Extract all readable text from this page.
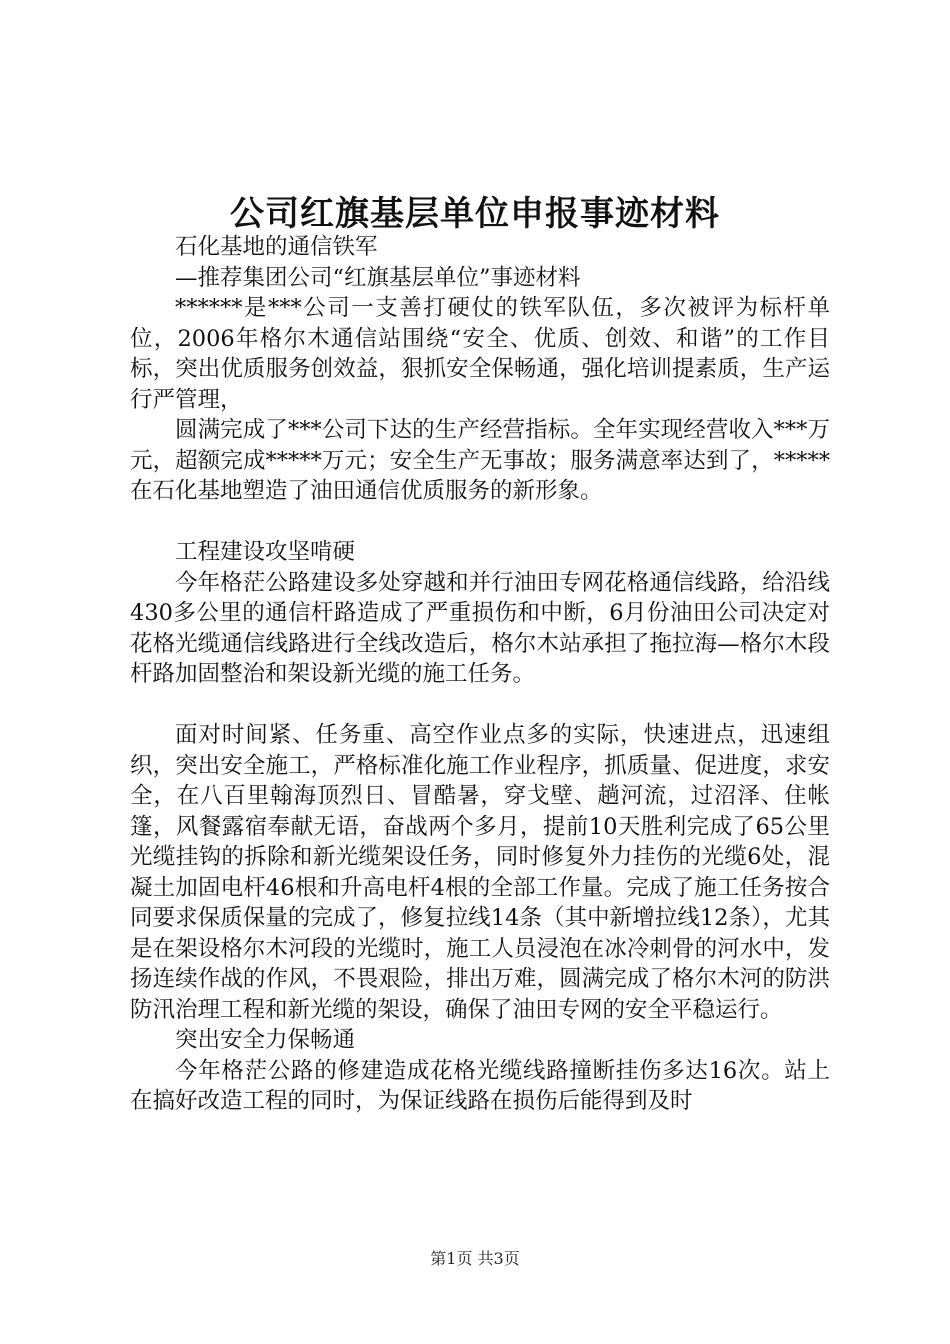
公司红旗基层单位申报事迹材料

石化基地的通信铁军

—推荐集团公司“红旗基层单位”事迹材料

******是***公司一支善打硬仗的铁军队伍，多次被评为标杆单位，2006年格尔木通信站围绕“安全、优质、创效、和谐”的工作目标，突出优质服务创效益，狠抓安全保畅通，强化培训提素质，生产运行严管理，

圆满完成了***公司下达的生产经营指标。全年实现经营收入***万元，超额完成*****万元；安全生产无事故；服务满意率达到了，*****在石化基地塑造了油田通信优质服务的新形象。

工程建设攻坚啃硬

今年格茫公路建设多处穿越和并行油田专网花格通信线路，给沿线430多公里的通信杆路造成了严重损伤和中断，6月份油田公司决定对花格光缆通信线路进行全线改造后，格尔木站承担了拖拉海—格尔木段杆路加固整治和架设新光缆的施工任务。

面对时间紧、任务重、高空作业点多的实际，快速进点，迅速组织，突出安全施工，严格标准化施工作业程序，抓质量、促进度，求安全，在八百里翰海顶烈日、冒酷暑，穿戈壁、趟河流，过沼泽、住帐篷，风餐露宿奉献无语，奋战两个多月，提前10天胜利完成了65公里光缆挂钩的拆除和新光缆架设任务，同时修复外力挂伤的光缆6处，混凝土加固电杆46根和升高电杆4根的全部工作量。完成了施工任务按合同要求保质保量的完成了，修复拉线14条（其中新增拉线12条），尤其是在架设格尔木河段的光缆时，施工人员浸泡在冰冷刺骨的河水中，发扬连续作战的作风，不畏艰险，排出万难，圆满完成了格尔木河的防洪防汛治理工程和新光缆的架设，确保了油田专网的安全平稳运行。

突出安全力保畅通

今年格茫公路的修建造成花格光缆线路撞断挂伤多达16次。站上在搞好改造工程的同时，为保证线路在损伤后能得到及时

第1页 共3页
